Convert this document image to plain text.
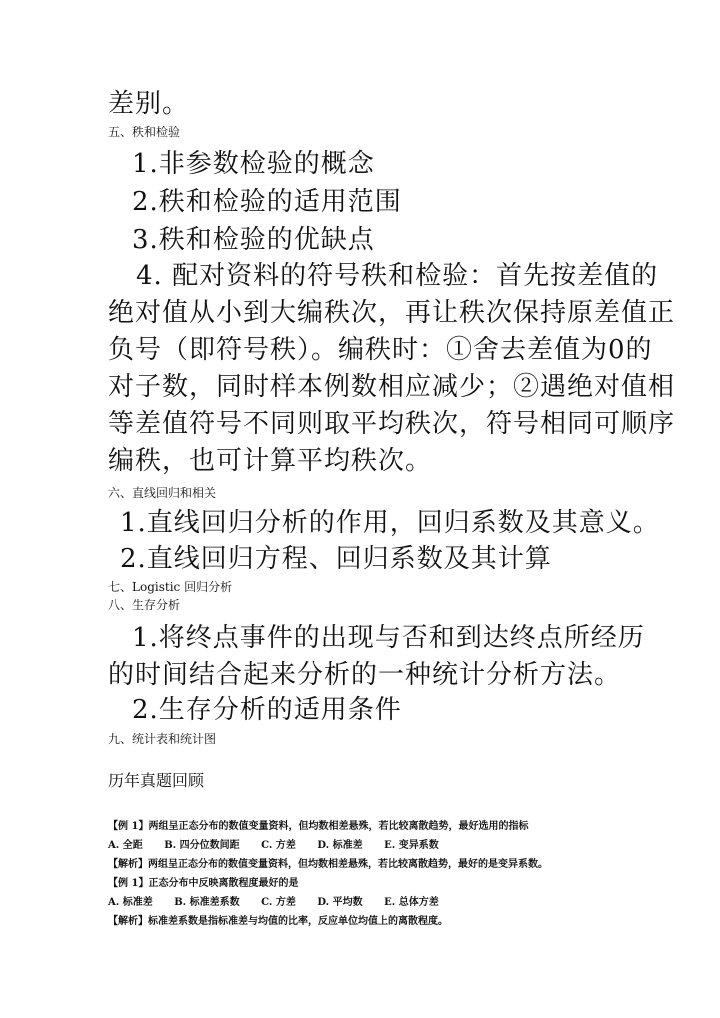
差别。
五、秩和检验
1.非参数检验的概念
2.秩和检验的适用范围
3.秩和检验的优缺点
4. 配对资料的符号秩和检验：首先按差值的
绝对值从小到大编秩次，再让秩次保持原差值正
负号（即符号秩）。编秩时：①舍去差值为0的
对子数，同时样本例数相应减少；②遇绝对值相
等差值符号不同则取平均秩次，符号相同可顺序
编秩，也可计算平均秩次。
六、直线回归和相关
1.直线回归分析的作用，回归系数及其意义。
2.直线回归方程、回归系数及其计算
七、Logistic 回归分析
八、生存分析
1.将终点事件的出现与否和到达终点所经历
的时间结合起来分析的一种统计分析方法。
2.生存分析的适用条件
九、统计表和统计图
历年真题回顾
【例 1】两组呈正态分布的数值变量资料，但均数相差悬殊，若比较离散趋势，最好选用的指标
A. 全距 B. 四分位数间距 C. 方差 D. 标准差 E. 变异系数
【解析】两组呈正态分布的数值变量资料，但均数相差悬殊，若比较离散趋势，最好的是变异系数。
【例 1】正态分布中反映离散程度最好的是
A. 标准差 B. 标准差系数 C. 方差 D. 平均数 E. 总体方差
【解析】标准差系数是指标准差与均值的比率，反应单位均值上的离散程度。
